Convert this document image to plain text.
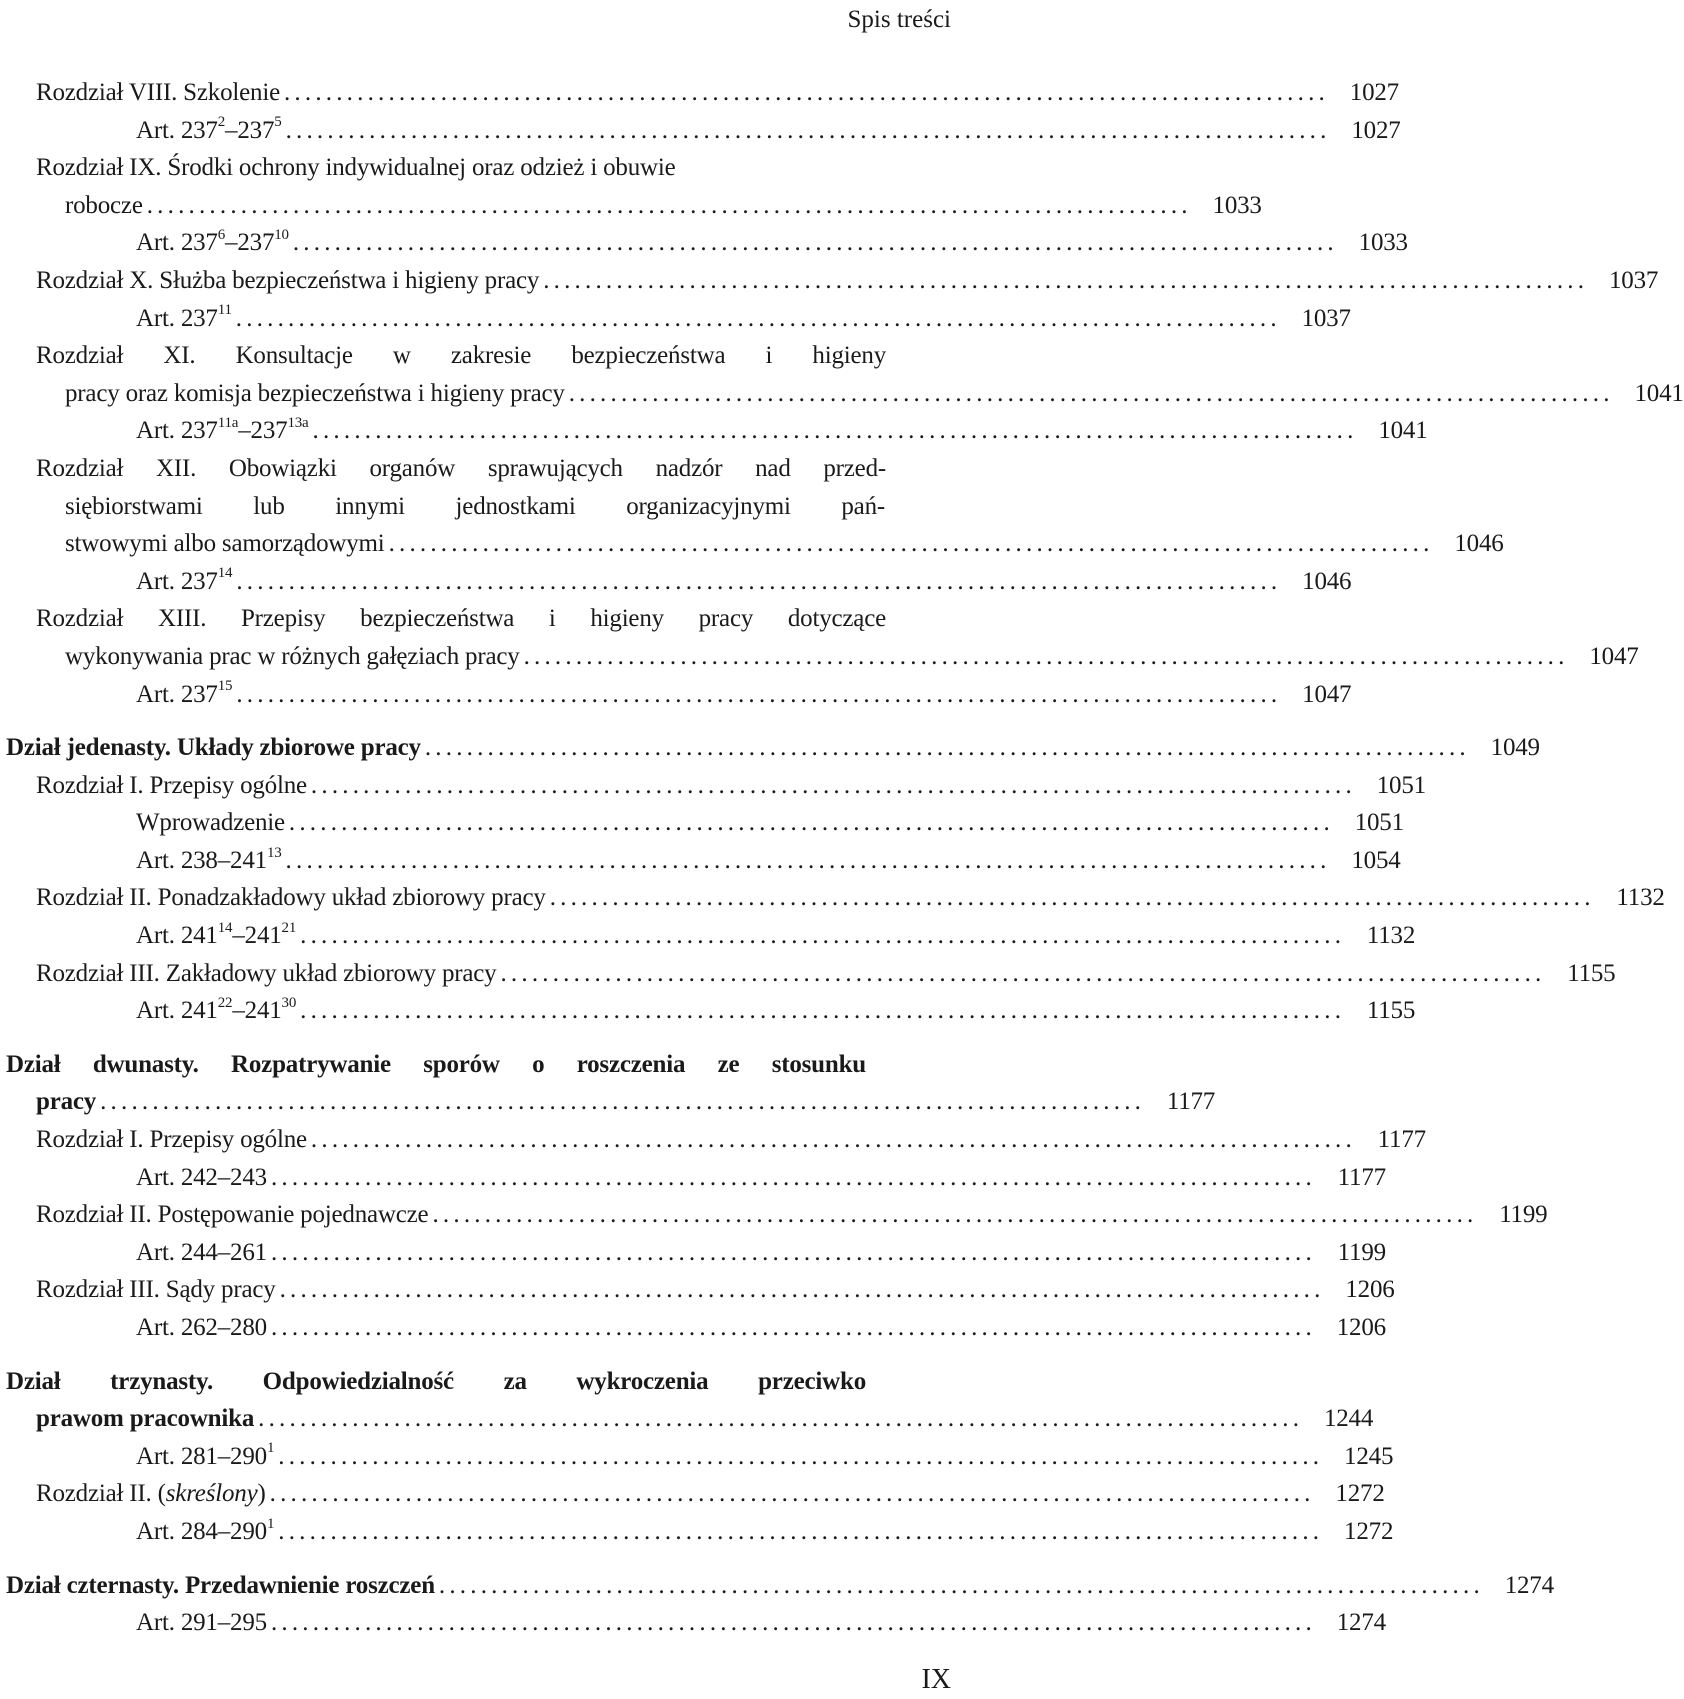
Spis treści
Rozdział VIII. Szkolenie .................................................................................................... 1027
Art. $237^2-237^5$ .................................................................................................... 1027
Rozdział IX. Środki ochrony indywidualnej oraz odzież i obuwie
robocze .................................................................................................... 1033
Art. $237^6-237^{10}$ .................................................................................................... 1033
Rozdział X. Służba bezpieczeństwa i higieny pracy .................................................................................................... 1037
Art. $237^{11}$ .................................................................................................... 1037
Rozdział XI. Konsultacje w zakresie bezpieczeństwa i higieny
pracy oraz komisja bezpieczeństwa i higieny pracy .................................................................................................... 1041
Art. $237^{11a}-237^{13a}$ .................................................................................................... 1041
Rozdział XII. Obowiązki organów sprawujących nadzór nad przed-
siębiorstwami lub innymi jednostkami organizacyjnymi pań-
stwowymi albo samorządowymi .................................................................................................... 1046
Art. $237^{14}$ .................................................................................................... 1046
Rozdział XIII. Przepisy bezpieczeństwa i higieny pracy dotyczące
wykonywania prac w różnych gałęziach pracy .................................................................................................... 1047
Art. $237^{15}$ .................................................................................................... 1047
Dział jedenasty. Układy zbiorowe pracy .................................................................................................... 1049
Rozdział I. Przepisy ogólne .................................................................................................... 1051
Wprowadzenie .................................................................................................... 1051
Art. $238-241^{13}$ .................................................................................................... 1054
Rozdział II. Ponadzakładowy układ zbiorowy pracy .................................................................................................... 1132
Art. $241^{14}-241^{21}$ .................................................................................................... 1132
Rozdział III. Zakładowy układ zbiorowy pracy .................................................................................................... 1155
Art. $241^{22}-241^{30}$ .................................................................................................... 1155
Dział dwunasty. Rozpatrywanie sporów o roszczenia ze stosunku
pracy .................................................................................................... 1177
Rozdział I. Przepisy ogólne .................................................................................................... 1177
Art. 242–243 .................................................................................................... 1177
Rozdział II. Postępowanie pojednawcze .................................................................................................... 1199
Art. 244–261 .................................................................................................... 1199
Rozdział III. Sądy pracy .................................................................................................... 1206
Art. 262–280 .................................................................................................... 1206
Dział trzynasty. Odpowiedzialność za wykroczenia przeciwko
prawom pracownika .................................................................................................... 1244
Art. $281-290^1$ .................................................................................................... 1245
Rozdział II. (skreślony) .................................................................................................... 1272
Art. $284-290^1$ .................................................................................................... 1272
Dział czternasty. Przedawnienie roszczeń .................................................................................................... 1274
Art. 291–295 .................................................................................................... 1274
IX
